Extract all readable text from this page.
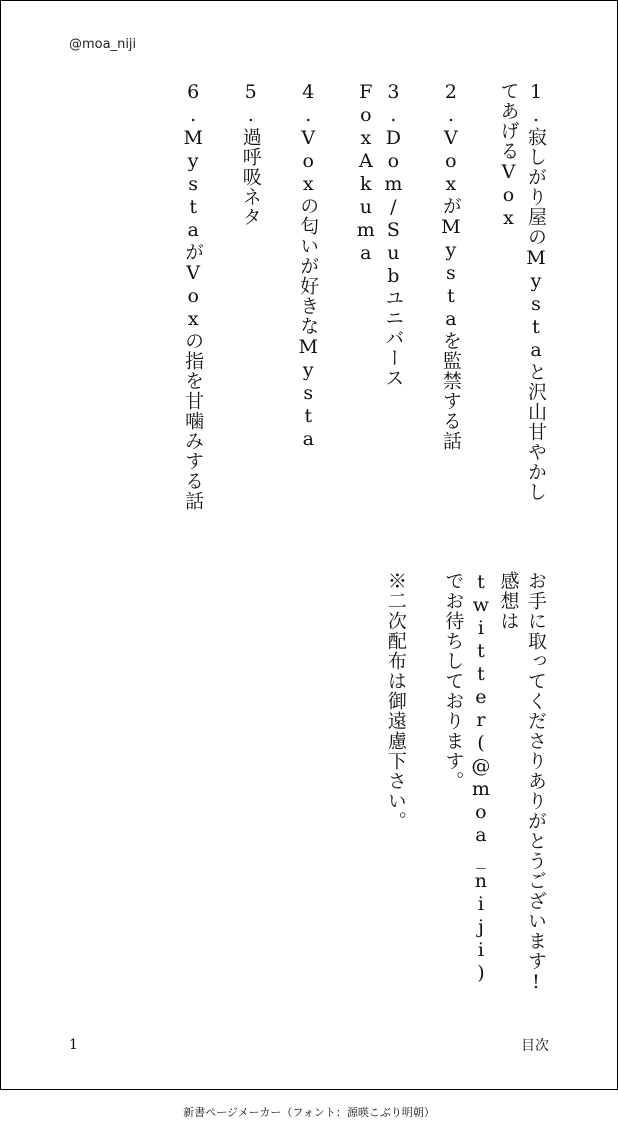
@moa_niji
1.寂しがり屋のMystaと沢山甘やかしてあげるVox
2.VoxがMystaを監禁する話
3.Dom/Subユニバース　FoxAkuma
4.Voxの匂いが好きなMysta
5.過呼吸ネタ
6.MystaがVoxの指を甘噛みする話
お手に取ってくださりありがとうございます!感想はtwitter(@moa_niji)でお待ちしております。
※二次配布は御遠慮下さい。
1	目次
新書ページメーカー（フォント：源暎こぶり明朝）
